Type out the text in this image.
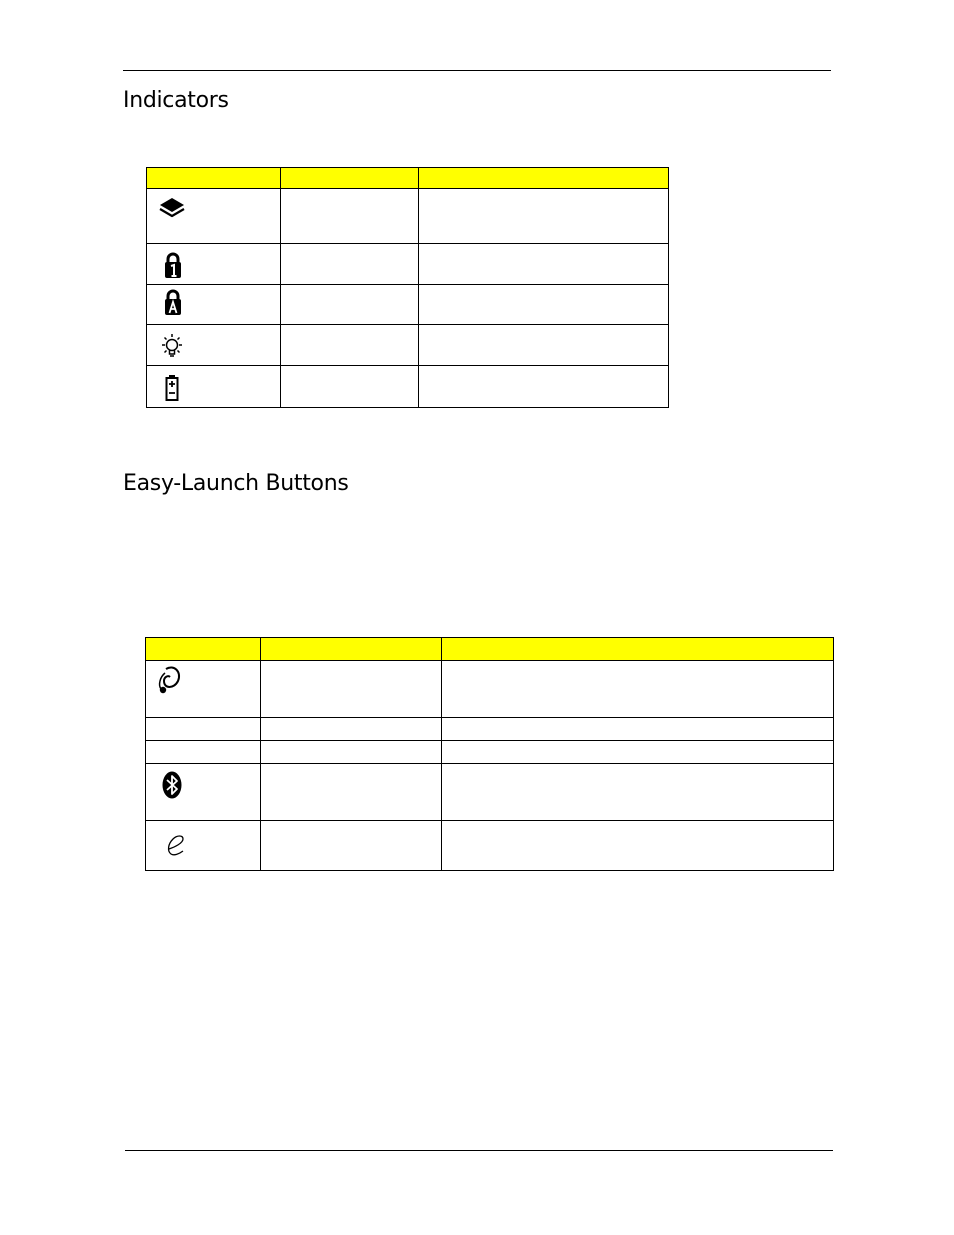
Indicators

Easy-Launch Buttons
